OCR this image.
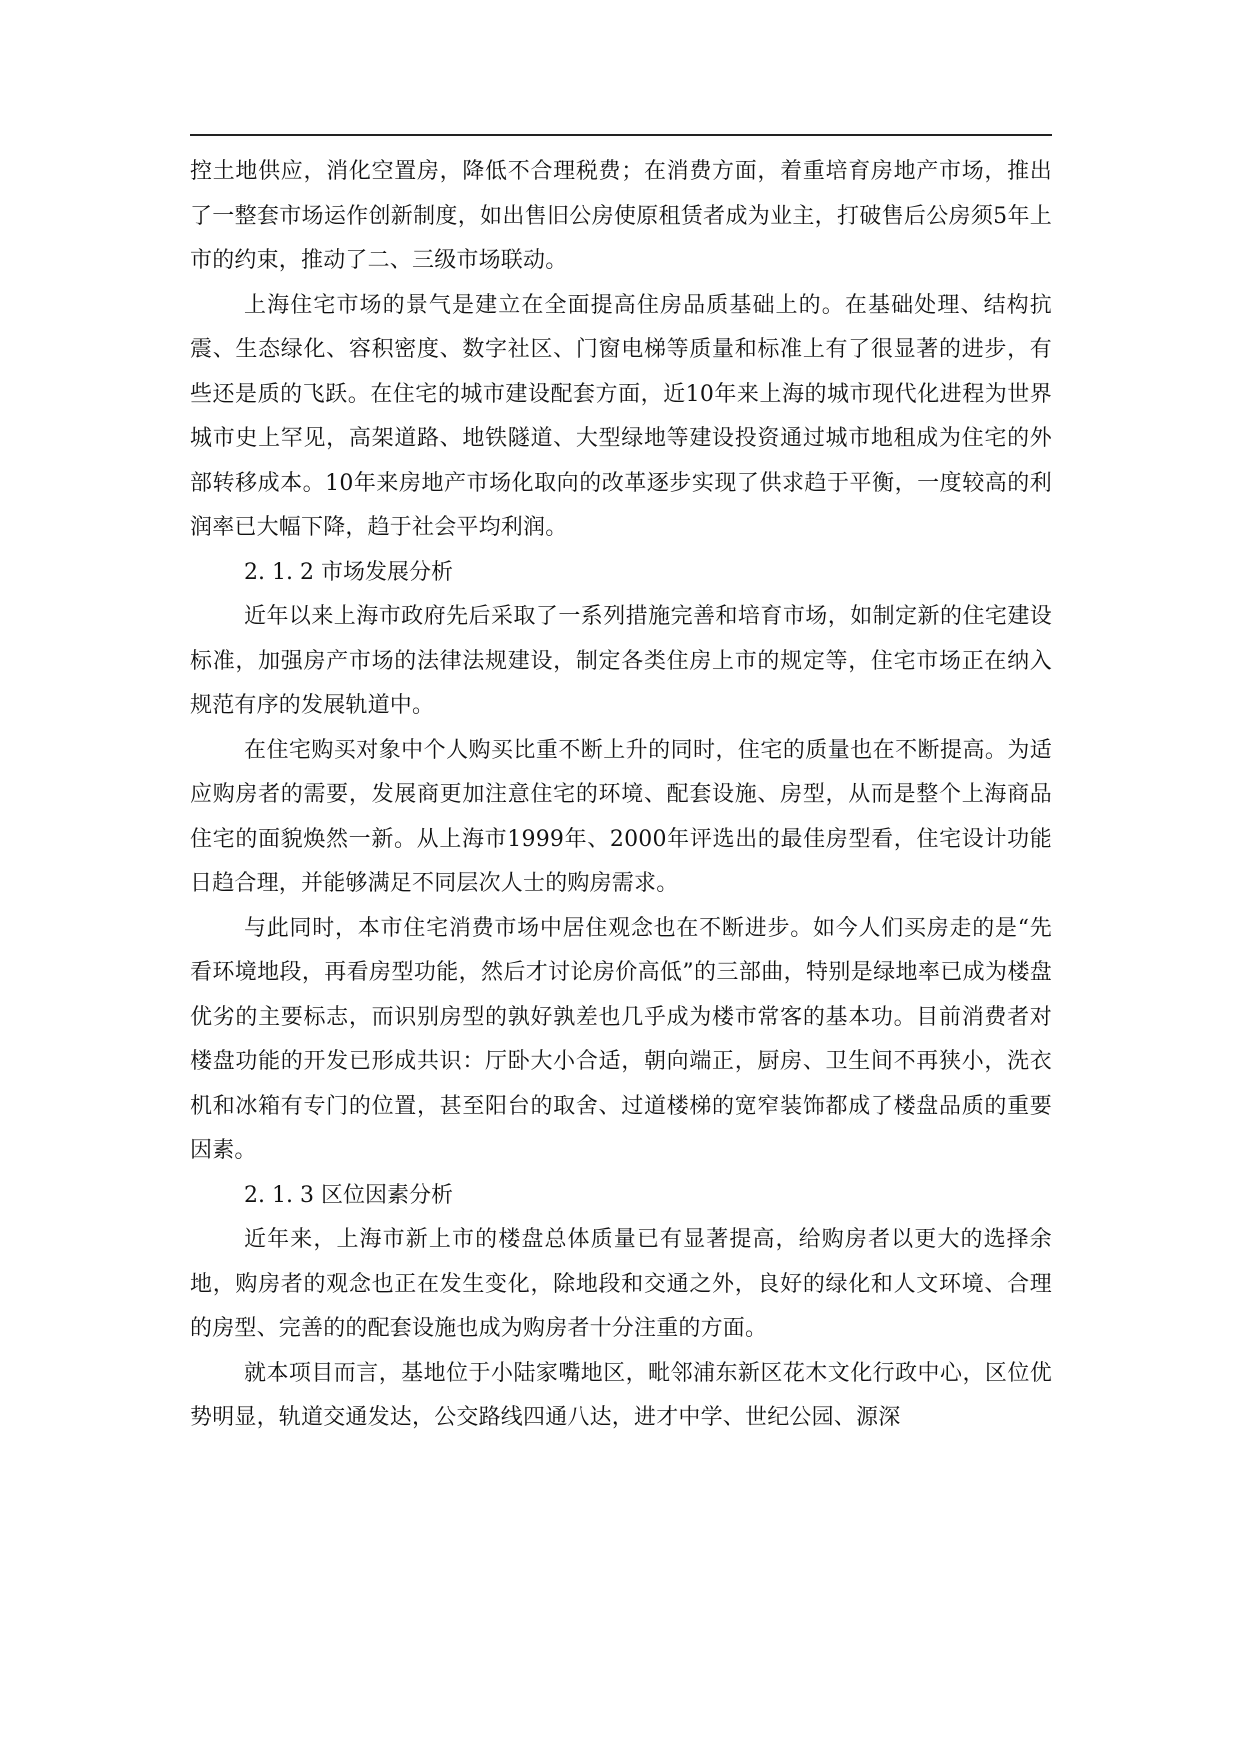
控土地供应，消化空置房，降低不合理税费；在消费方面，着重培育房地产市场，推出了一整套市场运作创新制度，如出售旧公房使原租赁者成为业主，打破售后公房须5年上市的约束，推动了二、三级市场联动。

上海住宅市场的景气是建立在全面提高住房品质基础上的。在基础处理、结构抗震、生态绿化、容积密度、数字社区、门窗电梯等质量和标准上有了很显著的进步，有些还是质的飞跃。在住宅的城市建设配套方面，近10年来上海的城市现代化进程为世界城市史上罕见，高架道路、地铁隧道、大型绿地等建设投资通过城市地租成为住宅的外部转移成本。10年来房地产市场化取向的改革逐步实现了供求趋于平衡，一度较高的利润率已大幅下降，趋于社会平均利润。

2. 1. 2 市场发展分析

近年以来上海市政府先后采取了一系列措施完善和培育市场，如制定新的住宅建设标准，加强房产市场的法律法规建设，制定各类住房上市的规定等，住宅市场正在纳入规范有序的发展轨道中。

在住宅购买对象中个人购买比重不断上升的同时，住宅的质量也在不断提高。为适应购房者的需要，发展商更加注意住宅的环境、配套设施、房型，从而是整个上海商品住宅的面貌焕然一新。从上海市1999年、2000年评选出的最佳房型看，住宅设计功能日趋合理，并能够满足不同层次人士的购房需求。

与此同时，本市住宅消费市场中居住观念也在不断进步。如今人们买房走的是“先看环境地段，再看房型功能，然后才讨论房价高低”的三部曲，特别是绿地率已成为楼盘优劣的主要标志，而识别房型的孰好孰差也几乎成为楼市常客的基本功。目前消费者对楼盘功能的开发已形成共识：厅卧大小合适，朝向端正，厨房、卫生间不再狭小，洗衣机和冰箱有专门的位置，甚至阳台的取舍、过道楼梯的宽窄装饰都成了楼盘品质的重要因素。

2. 1. 3 区位因素分析

近年来，上海市新上市的楼盘总体质量已有显著提高，给购房者以更大的选择余地，购房者的观念也正在发生变化，除地段和交通之外，良好的绿化和人文环境、合理的房型、完善的的配套设施也成为购房者十分注重的方面。

就本项目而言，基地位于小陆家嘴地区，毗邻浦东新区花木文化行政中心，区位优势明显，轨道交通发达，公交路线四通八达，进才中学、世纪公园、源深
